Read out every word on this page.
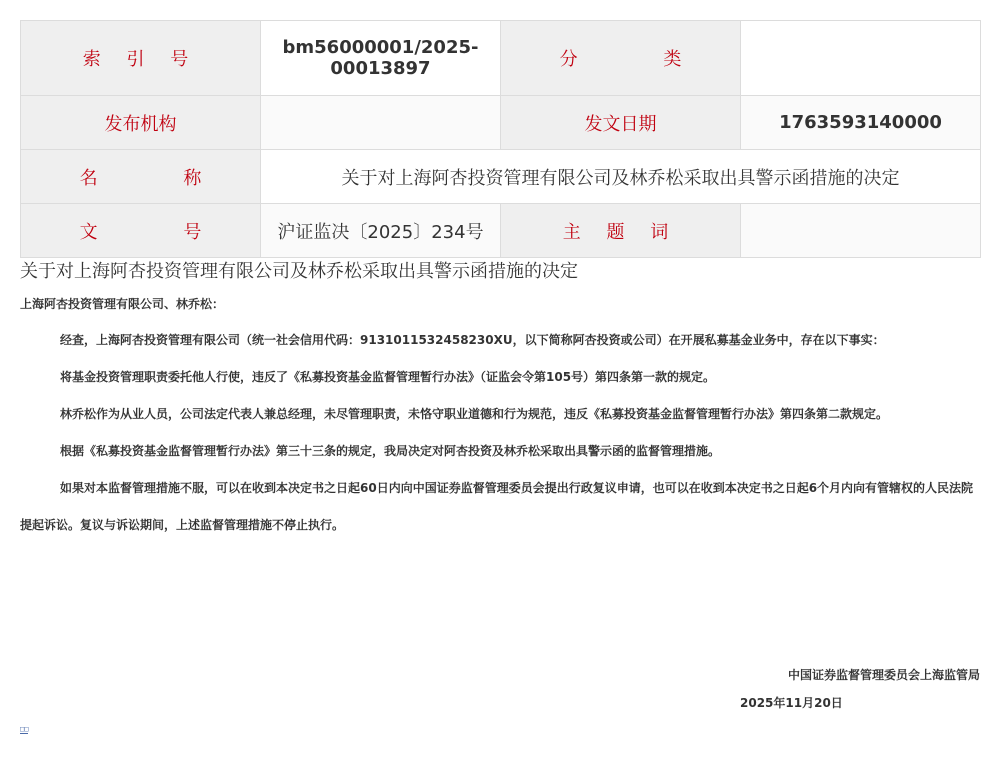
索 引 号	bm56000001/2025-00013897	分 类	
发布机构		发文日期	1763593140000
名 称	关于对上海阿杏投资管理有限公司及林乔松采取出具警示函措施的决定		
文 号	沪证监决〔2025〕234号	主 题 词	
关于对上海阿杏投资管理有限公司及林乔松采取出具警示函措施的决定
上海阿杏投资管理有限公司、林乔松：

经查，上海阿杏投资管理有限公司（统一社会信用代码：9131011532458230XU，以下简称阿杏投资或公司）在开展私募基金业务中，存在以下事实：

将基金投资管理职责委托他人行使，违反了《私募投资基金监督管理暂行办法》（证监会令第105号）第四条第一款的规定。

林乔松作为从业人员，公司法定代表人兼总经理，未尽管理职责，未恪守职业道德和行为规范，违反《私募投资基金监督管理暂行办法》第四条第二款规定。

根据《私募投资基金监督管理暂行办法》第三十三条的规定，我局决定对阿杏投资及林乔松采取出具警示函的监督管理措施。

如果对本监督管理措施不服，可以在收到本决定书之日起60日内向中国证券监督管理委员会提出行政复议申请，也可以在收到本决定书之日起6个月内向有管辖权的人民法院提起诉讼。复议与诉讼期间，上述监督管理措施不停止执行。

中国证券监督管理委员会上海监管局
2025年11月20日
□□
